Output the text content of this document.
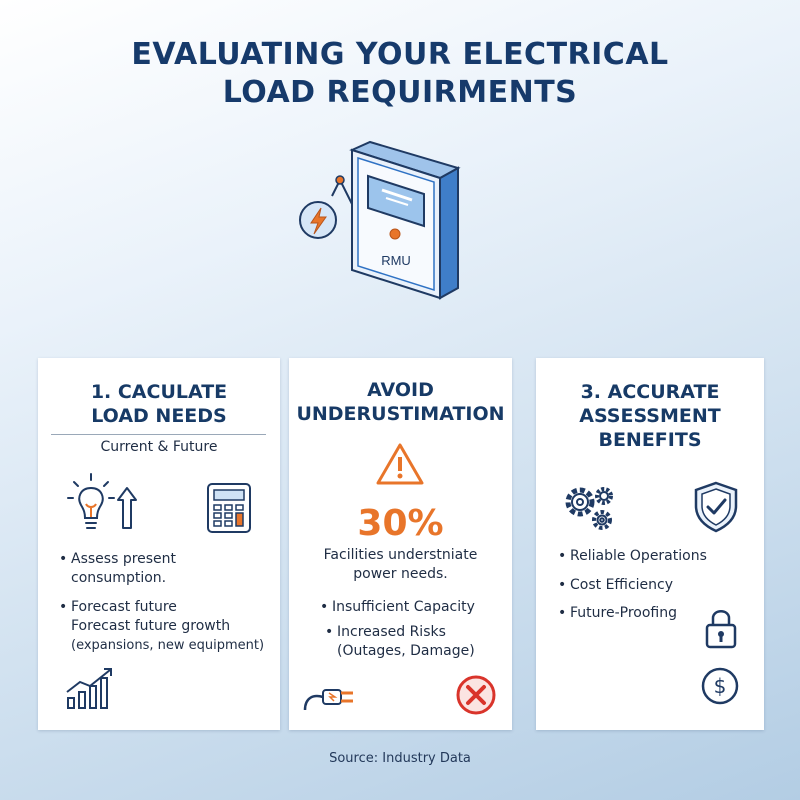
EVALUATING YOUR ELECTRICAL
LOAD REQUIRMENTS
RMU
1. CACULATE
LOAD NEEDS
Current & Future
• Assess present
consumption.
• Forecast future
Forecast future growth
(expansions, new equipment)
AVOID
UNDERUSTIMATION
30%
Facilities understniate
power needs.
• Insufficient Capacity
• Increased Risks
(Outages, Damage)
3. ACCURATE
ASSESSMENT
BENEFITS
• Reliable Operations
• Cost Efficiency
• Future-Proofing
$
Source: Industry Data
